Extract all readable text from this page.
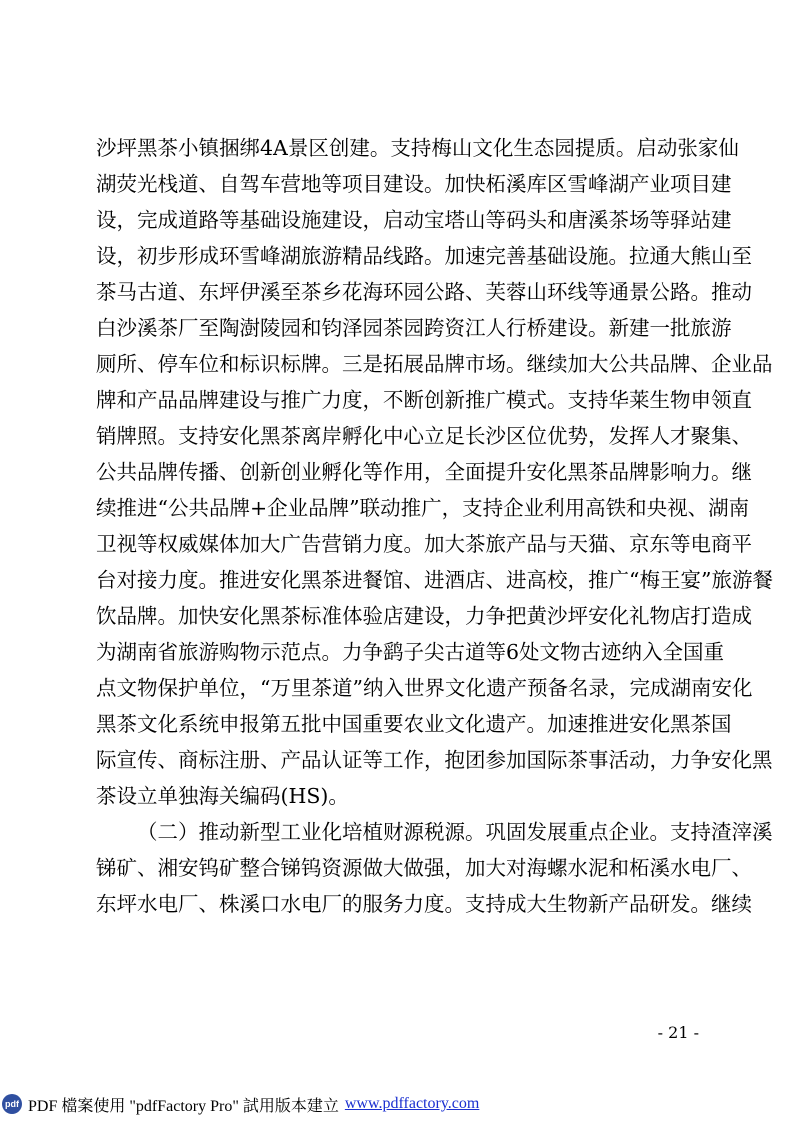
沙坪黑茶小镇捆绑4A景区创建。支持梅山文化生态园提质。启动张家仙
湖荧光栈道、自驾车营地等项目建设。加快柘溪库区雪峰湖产业项目建
设，完成道路等基础设施建设，启动宝塔山等码头和唐溪茶场等驿站建
设，初步形成环雪峰湖旅游精品线路。加速完善基础设施。拉通大熊山至
茶马古道、东坪伊溪至茶乡花海环园公路、芙蓉山环线等通景公路。推动
白沙溪茶厂至陶澍陵园和钧泽园茶园跨资江人行桥建设。新建一批旅游
厕所、停车位和标识标牌。三是拓展品牌市场。继续加大公共品牌、企业品
牌和产品品牌建设与推广力度，不断创新推广模式。支持华莱生物申领直
销牌照。支持安化黑茶离岸孵化中心立足长沙区位优势，发挥人才聚集、
公共品牌传播、创新创业孵化等作用，全面提升安化黑茶品牌影响力。继
续推进“公共品牌+企业品牌”联动推广，支持企业利用高铁和央视、湖南
卫视等权威媒体加大广告营销力度。加大茶旅产品与天猫、京东等电商平
台对接力度。推进安化黑茶进餐馆、进酒店、进高校，推广“梅王宴”旅游餐
饮品牌。加快安化黑茶标准体验店建设，力争把黄沙坪安化礼物店打造成
为湖南省旅游购物示范点。力争鹞子尖古道等6处文物古迹纳入全国重
点文物保护单位，“万里茶道”纳入世界文化遗产预备名录，完成湖南安化
黑茶文化系统申报第五批中国重要农业文化遗产。加速推进安化黑茶国
际宣传、商标注册、产品认证等工作，抱团参加国际茶事活动，力争安化黑
茶设立单独海关编码(HS)。
（二）推动新型工业化培植财源税源。巩固发展重点企业。支持渣滓溪
锑矿、湘安钨矿整合锑钨资源做大做强，加大对海螺水泥和柘溪水电厂、
东坪水电厂、株溪口水电厂的服务力度。支持成大生物新产品研发。继续
- 21 -
pdf PDF 檔案使用 "pdfFactory Pro" 試用版本建立 www.pdffactory.com
